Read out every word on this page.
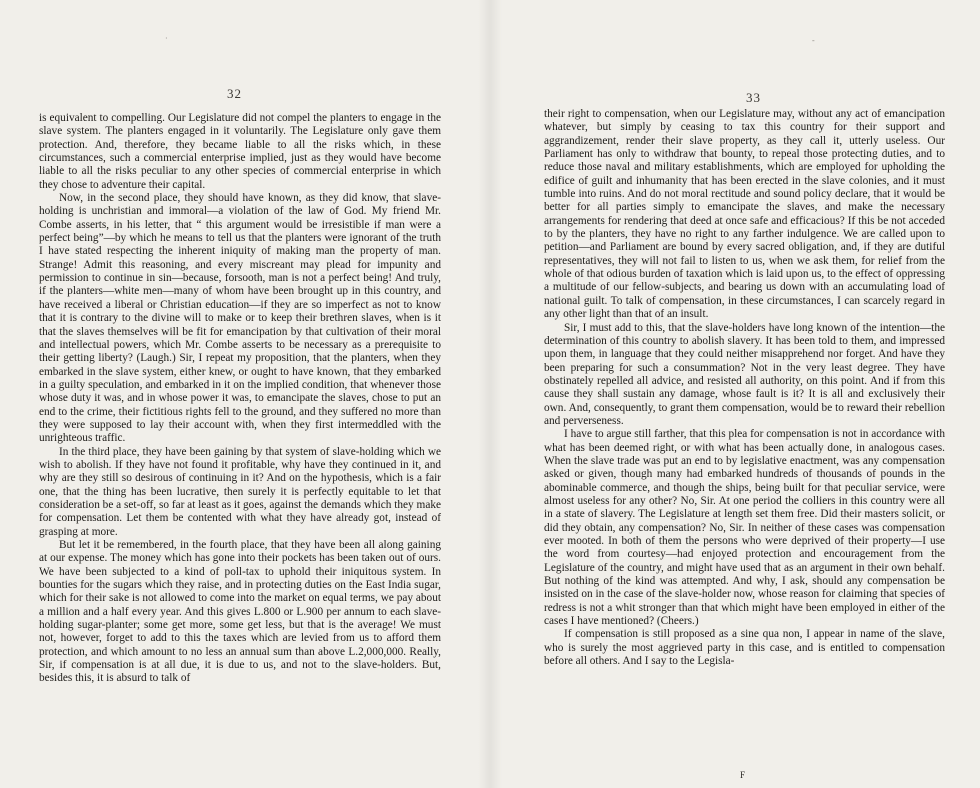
·
32

is equivalent to compelling. Our Legislature did not compel the planters to engage in the slave system. The planters engaged in it voluntarily. The Legislature only gave them protection. And, therefore, they became liable to all the risks which, in these circumstances, such a commercial enterprise implied, just as they would have become liable to all the risks peculiar to any other species of commercial enterprise in which they chose to adventure their capital.

Now, in the second place, they should have known, as they did know, that slave-holding is unchristian and immoral—a violation of the law of God. My friend Mr. Combe asserts, in his letter, that “ this argument would be irresistible if man were a perfect being”—by which he means to tell us that the planters were ignorant of the truth I have stated respecting the inherent iniquity of making man the property of man. Strange! Admit this reasoning, and every miscreant may plead for impunity and permission to continue in sin—because, forsooth, man is not a perfect being! And truly, if the planters—white men—many of whom have been brought up in this country, and have received a liberal or Christian education—if they are so imperfect as not to know that it is contrary to the divine will to make or to keep their brethren slaves, when is it that the slaves themselves will be fit for emancipation by that cultivation of their moral and intellectual powers, which Mr. Combe asserts to be necessary as a prerequisite to their getting liberty? (Laugh.) Sir, I repeat my proposition, that the planters, when they embarked in the slave system, either knew, or ought to have known, that they embarked in a guilty speculation, and embarked in it on the implied condition, that whenever those whose duty it was, and in whose power it was, to emancipate the slaves, chose to put an end to the crime, their fictitious rights fell to the ground, and they suffered no more than they were supposed to lay their account with, when they first intermeddled with the unrighteous traffic.

In the third place, they have been gaining by that system of slave-holding which we wish to abolish. If they have not found it profitable, why have they continued in it, and why are they still so desirous of continuing in it? And on the hypothesis, which is a fair one, that the thing has been lucrative, then surely it is perfectly equitable to let that consideration be a set-off, so far at least as it goes, against the demands which they make for compensation. Let them be contented with what they have already got, instead of grasping at more.

But let it be remembered, in the fourth place, that they have been all along gaining at our expense. The money which has gone into their pockets has been taken out of ours. We have been subjected to a kind of poll-tax to uphold their iniquitous system. In bounties for the sugars which they raise, and in protecting duties on the East India sugar, which for their sake is not allowed to come into the market on equal terms, we pay about a million and a half every year. And this gives L.800 or L.900 per annum to each slave-holding sugar-planter; some get more, some get less, but that is the average! We must not, however, forget to add to this the taxes which are levied from us to afford them protection, and which amount to no less an annual sum than above L.2,000,000. Really, Sir, if compensation is at all due, it is due to us, and not to the slave-holders. But, besides this, it is absurd to talk of

-
33

their right to compensation, when our Legislature may, without any act of emancipation whatever, but simply by ceasing to tax this country for their support and aggrandizement, render their slave property, as they call it, utterly useless. Our Parliament has only to withdraw that bounty, to repeal those protecting duties, and to reduce those naval and military establishments, which are employed for upholding the edifice of guilt and inhumanity that has been erected in the slave colonies, and it must tumble into ruins. And do not moral rectitude and sound policy declare, that it would be better for all parties simply to emancipate the slaves, and make the necessary arrangements for rendering that deed at once safe and efficacious? If this be not acceded to by the planters, they have no right to any farther indulgence. We are called upon to petition—and Parliament are bound by every sacred obligation, and, if they are dutiful representatives, they will not fail to listen to us, when we ask them, for relief from the whole of that odious burden of taxation which is laid upon us, to the effect of oppressing a multitude of our fellow-subjects, and bearing us down with an accumulating load of national guilt. To talk of compensation, in these circumstances, I can scarcely regard in any other light than that of an insult.

Sir, I must add to this, that the slave-holders have long known of the intention—the determination of this country to abolish slavery. It has been told to them, and impressed upon them, in language that they could neither misapprehend nor forget. And have they been preparing for such a consummation? Not in the very least degree. They have obstinately repelled all advice, and resisted all authority, on this point. And if from this cause they shall sustain any damage, whose fault is it? It is all and exclusively their own. And, consequently, to grant them compensation, would be to reward their rebellion and perverseness.

I have to argue still farther, that this plea for compensation is not in accordance with what has been deemed right, or with what has been actually done, in analogous cases. When the slave trade was put an end to by legislative enactment, was any compensation asked or given, though many had embarked hundreds of thousands of pounds in the abominable commerce, and though the ships, being built for that peculiar service, were almost useless for any other? No, Sir. At one period the colliers in this country were all in a state of slavery. The Legislature at length set them free. Did their masters solicit, or did they obtain, any compensation? No, Sir. In neither of these cases was compensation ever mooted. In both of them the persons who were deprived of their property—I use the word from courtesy—had enjoyed protection and encouragement from the Legislature of the country, and might have used that as an argument in their own behalf. But nothing of the kind was attempted. And why, I ask, should any compensation be insisted on in the case of the slave-holder now, whose reason for claiming that species of redress is not a whit stronger than that which might have been employed in either of the cases I have mentioned? (Cheers.)

If compensation is still proposed as a sine qua non, I appear in name of the slave, who is surely the most aggrieved party in this case, and is entitled to compensation before all others. And I say to the Legisla-

F
